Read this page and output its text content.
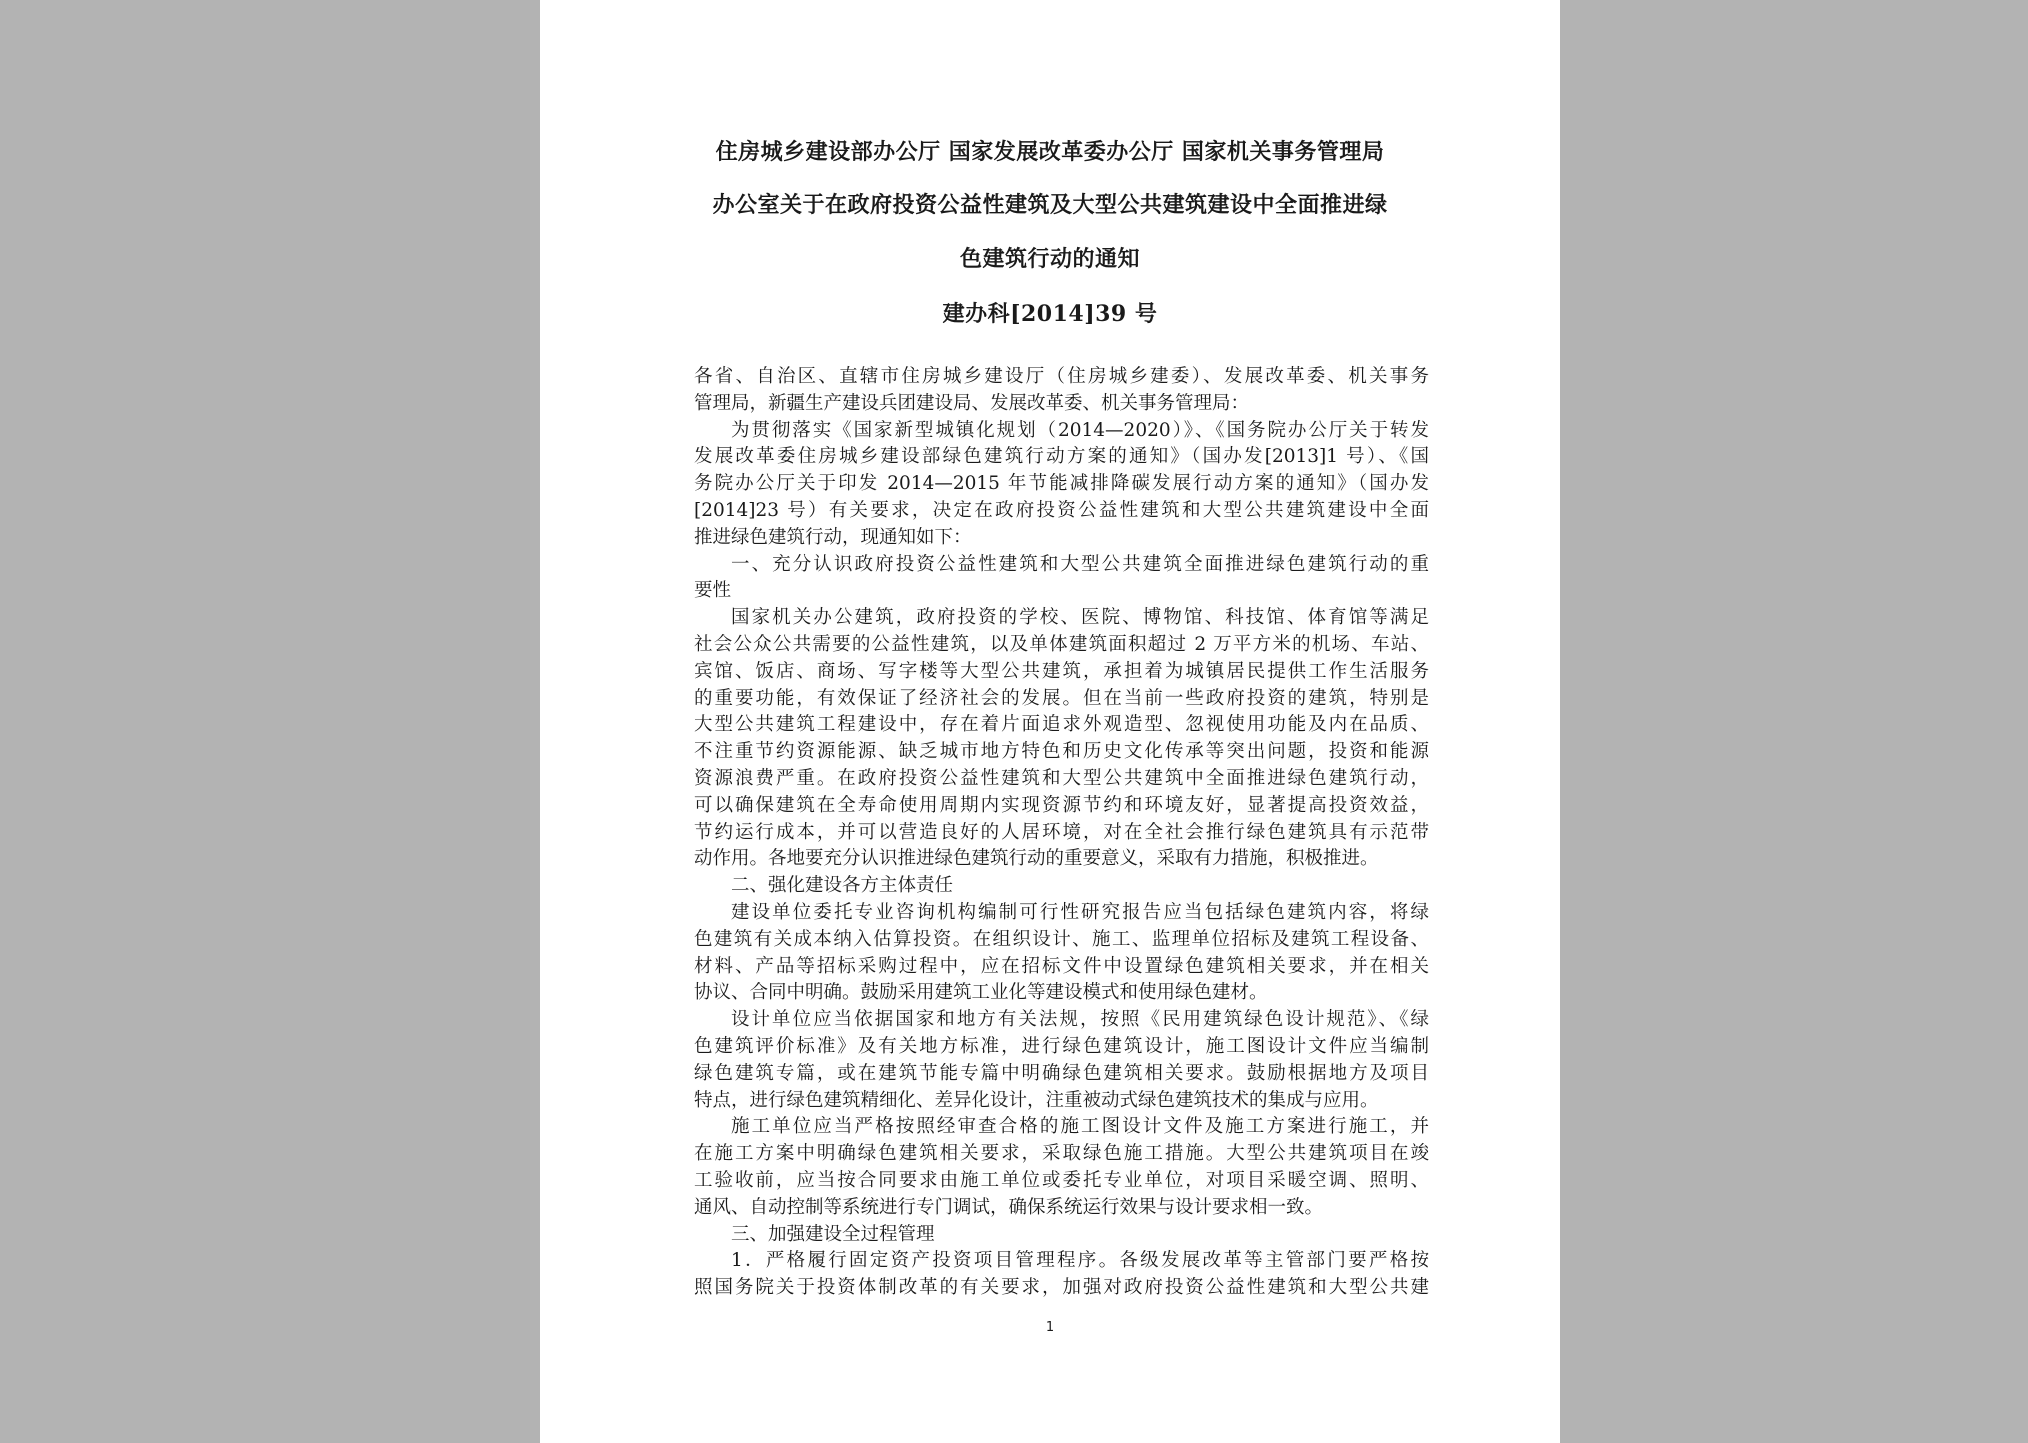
住房城乡建设部办公厅 国家发展改革委办公厅 国家机关事务管理局
办公室关于在政府投资公益性建筑及大型公共建筑建设中全面推进绿
色建筑行动的通知
建办科[2014]39 号
各省、自治区、直辖市住房城乡建设厅（住房城乡建委）、发展改革委、机关事务
管理局，新疆生产建设兵团建设局、发展改革委、机关事务管理局：
为贯彻落实《国家新型城镇化规划（2014—2020）》、《国务院办公厅关于转发
发展改革委住房城乡建设部绿色建筑行动方案的通知》（国办发[2013]1 号）、《国
务院办公厅关于印发 2014—2015 年节能减排降碳发展行动方案的通知》（国办发
[2014]23 号）有关要求，决定在政府投资公益性建筑和大型公共建筑建设中全面
推进绿色建筑行动，现通知如下：
一、充分认识政府投资公益性建筑和大型公共建筑全面推进绿色建筑行动的重
要性
国家机关办公建筑，政府投资的学校、医院、博物馆、科技馆、体育馆等满足
社会公众公共需要的公益性建筑，以及单体建筑面积超过 2 万平方米的机场、车站、
宾馆、饭店、商场、写字楼等大型公共建筑，承担着为城镇居民提供工作生活服务
的重要功能，有效保证了经济社会的发展。但在当前一些政府投资的建筑，特别是
大型公共建筑工程建设中，存在着片面追求外观造型、忽视使用功能及内在品质、
不注重节约资源能源、缺乏城市地方特色和历史文化传承等突出问题，投资和能源
资源浪费严重。在政府投资公益性建筑和大型公共建筑中全面推进绿色建筑行动，
可以确保建筑在全寿命使用周期内实现资源节约和环境友好，显著提高投资效益，
节约运行成本，并可以营造良好的人居环境，对在全社会推行绿色建筑具有示范带
动作用。各地要充分认识推进绿色建筑行动的重要意义，采取有力措施，积极推进。
二、强化建设各方主体责任
建设单位委托专业咨询机构编制可行性研究报告应当包括绿色建筑内容，将绿
色建筑有关成本纳入估算投资。在组织设计、施工、监理单位招标及建筑工程设备、
材料、产品等招标采购过程中，应在招标文件中设置绿色建筑相关要求，并在相关
协议、合同中明确。鼓励采用建筑工业化等建设模式和使用绿色建材。
设计单位应当依据国家和地方有关法规，按照《民用建筑绿色设计规范》、《绿
色建筑评价标准》及有关地方标准，进行绿色建筑设计，施工图设计文件应当编制
绿色建筑专篇，或在建筑节能专篇中明确绿色建筑相关要求。鼓励根据地方及项目
特点，进行绿色建筑精细化、差异化设计，注重被动式绿色建筑技术的集成与应用。
施工单位应当严格按照经审查合格的施工图设计文件及施工方案进行施工，并
在施工方案中明确绿色建筑相关要求，采取绿色施工措施。大型公共建筑项目在竣
工验收前，应当按合同要求由施工单位或委托专业单位，对项目采暖空调、照明、
通风、自动控制等系统进行专门调试，确保系统运行效果与设计要求相一致。
三、加强建设全过程管理
1．严格履行固定资产投资项目管理程序。各级发展改革等主管部门要严格按
照国务院关于投资体制改革的有关要求，加强对政府投资公益性建筑和大型公共建
1
